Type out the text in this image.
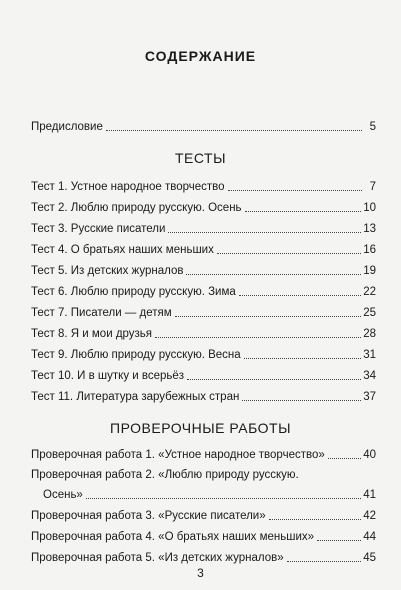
СОДЕРЖАНИЕ
Предисловие	5
ТЕСТЫ
Тест 1. Устное народное творчество	7
Тест 2. Люблю природу русскую. Осень	10
Тест 3. Русские писатели	13
Тест 4. О братьях наших меньших	16
Тест 5. Из детских журналов	19
Тест 6. Люблю природу русскую. Зима	22
Тест 7. Писатели — детям	25
Тест 8. Я и мои друзья	28
Тест 9. Люблю природу русскую. Весна	31
Тест 10. И в шутку и всерьёз	34
Тест 11. Литература зарубежных стран	37
ПРОВЕРОЧНЫЕ РАБОТЫ
Проверочная работа 1. «Устное народное творчество»	40
Проверочная работа 2. «Люблю природу русскую.
Осень»	41
Проверочная работа 3. «Русские писатели»	42
Проверочная работа 4. «О братьях наших меньших»	44
Проверочная работа 5. «Из детских журналов»	45
3
